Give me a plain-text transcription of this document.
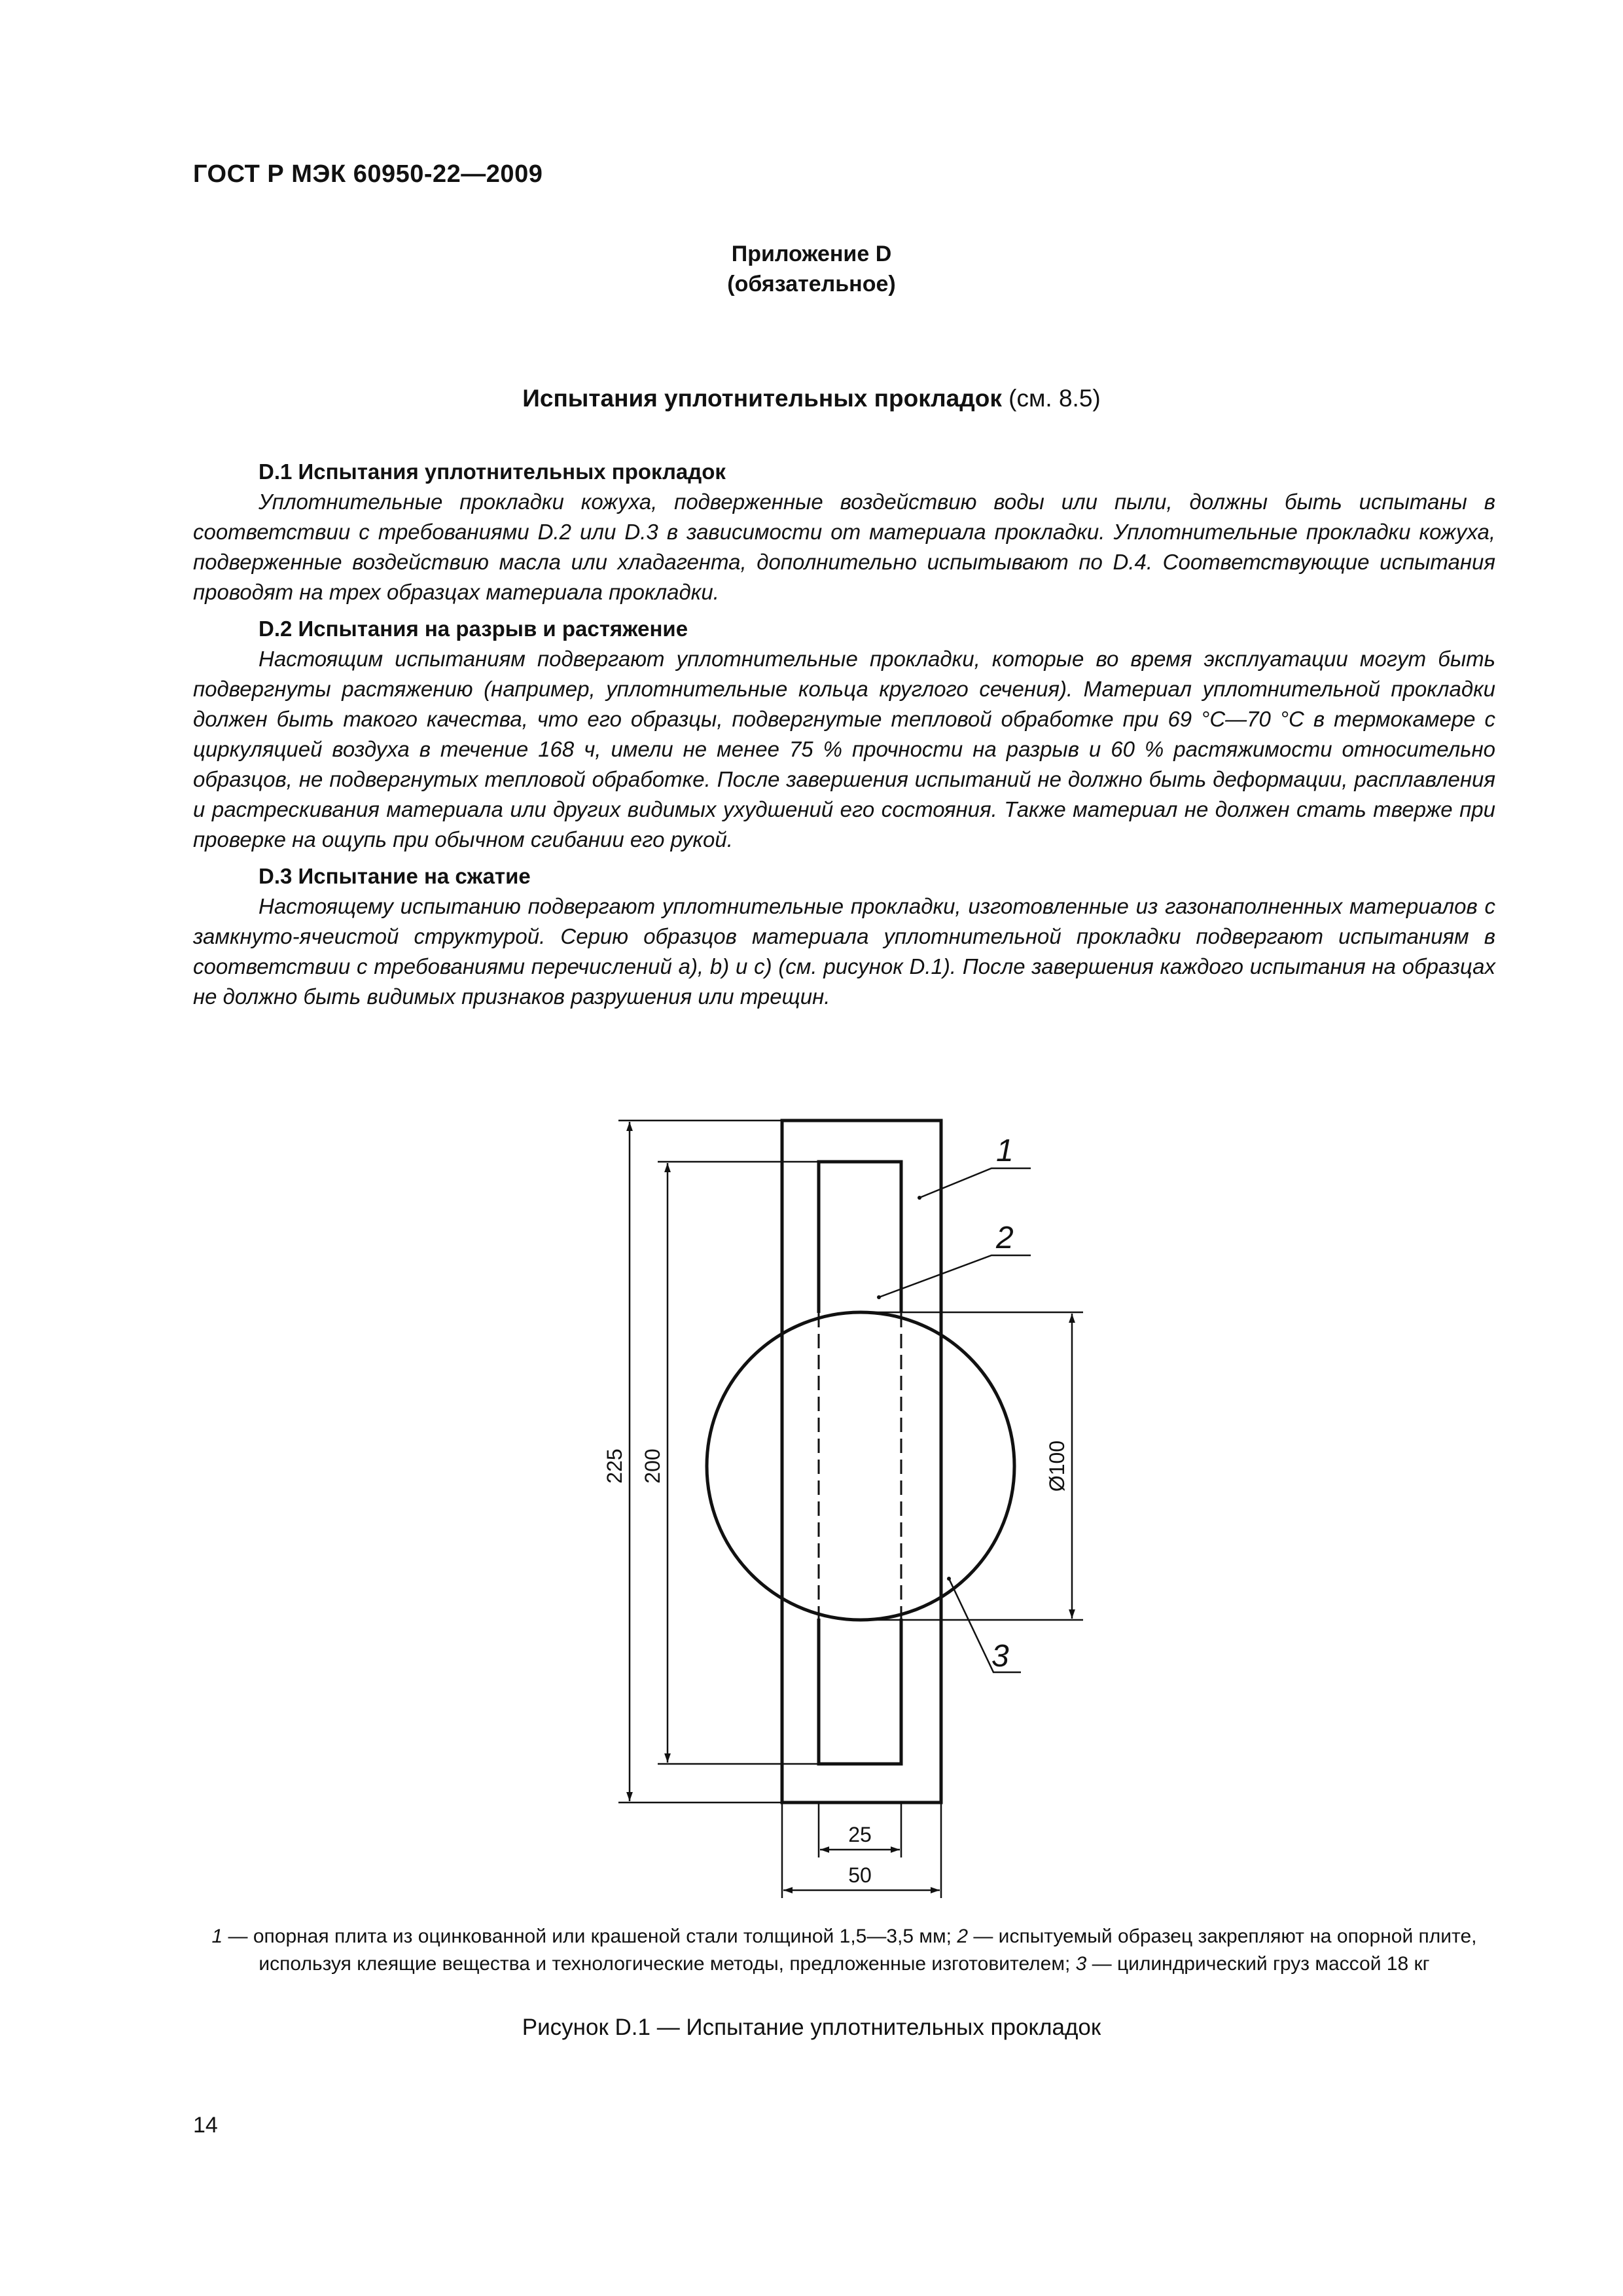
ГОСТ Р МЭК 60950-22—2009
Приложение D
(обязательное)
Испытания уплотнительных прокладок (см. 8.5)
D.1 Испытания уплотнительных прокладок
Уплотнительные прокладки кожуха, подверженные воздействию воды или пыли, должны быть испытаны в соответствии с требованиями D.2 или D.3 в зависимости от материала прокладки. Уплотнительные прокладки кожуха, подверженные воздействию масла или хладагента, дополнительно испытывают по D.4. Соответствующие испытания проводят на трех образцах материала прокладки.
D.2 Испытания на разрыв и растяжение
Настоящим испытаниям подвергают уплотнительные прокладки, которые во время эксплуатации могут быть подвергнуты растяжению (например, уплотнительные кольца круглого сечения). Материал уплотнительной прокладки должен быть такого качества, что его образцы, подвергнутые тепловой обработке при 69 °С—70 °С в термокамере с циркуляцией воздуха в течение 168 ч, имели не менее 75 % прочности на разрыв и 60 % растяжимости относительно образцов, не подвергнутых тепловой обработке. После завершения испытаний не должно быть деформации, расплавления и растрескивания материала или других видимых ухудшений его состояния. Также материал не должен стать тверже при проверке на ощупь при обычном сгибании его рукой.
D.3 Испытание на сжатие
Настоящему испытанию подвергают уплотнительные прокладки, изготовленные из газонаполненных материалов с замкнуто-ячеистой структурой. Серию образцов материала уплотнительной прокладки подвергают испытаниям в соответствии с требованиями перечислений а), b) и с) (см. рисунок D.1). После завершения каждого испытания на образцах не должно быть видимых признаков разрушения или трещин.
1
2
3
225 200	Ø100
25
50
1 — опорная плита из оцинкованной или крашеной стали толщиной 1,5—3,5 мм; 2 — испытуемый образец закрепляют на опорной плите, используя клеящие вещества и технологические методы, предложенные изготовителем; 3 — цилиндрический груз массой 18 кг
Рисунок D.1 — Испытание уплотнительных прокладок
14
